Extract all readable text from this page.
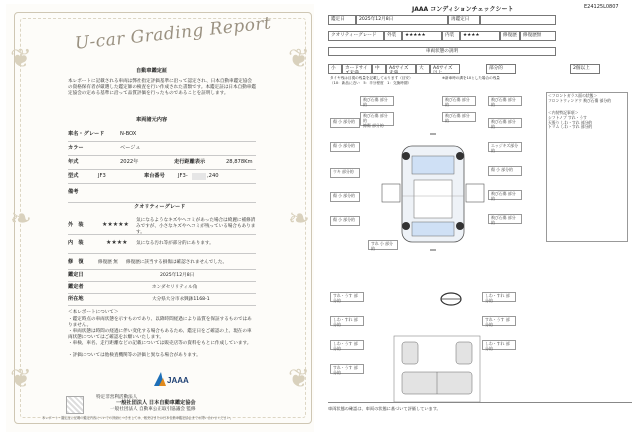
❦	❦
❧	❧
❦	❦
U-car Grading Report
自動車鑑定証
本レポートに記載される車両は弊社指定評価基準に沿って認定され、日本自動車鑑定協会の資格保有者が厳選した鑑定師の検査を行い作成された書類です。本鑑定証は日本自動車鑑定協会の定める基準に沿って品質評価を行ったものであることを証明します。
車両諸元内容
車名・グレード	N-BOX
カラー	ベージュ
年式	2022年	走行距離表示	28,878Km
型式	JF3	車台番号	JF3-	,240
備考
クオリティーグレード
外　装	★★★★★
気になるようなキズやヘコミがあった場合は綺麗に補修済みですが、小さなキズやヘコミが残っている場合もあります。
内　装	★★★★ 気になる汚れ等が部分的にあります。
修　復	修復歴 無 修復歴に該当する損傷は確認されませんでした。
鑑定日	2025年12月8日
鑑定者	ホンダセリリティル角
所在地	大分県大分市永興鉢1168-1
＜本レポートについて＞
・鑑定時点の車両状態を示すものであり、以降時間経過により品質を保証するものではありません。
・車両状態は時間の経過に伴い変化する場合もあるため、鑑定日をご確認の上、現在の車両状態についてはご確認をお願いいたします。
・車検、車名、走行距離などの記載については販売店等の資料をもとに作成しています。
・評価については他検査機関等の評価と異なる場合があります。
JAAA
特定非営利活動法人
一般社団法人 日本自動車鑑定協会
一般社団法人 自動車公正取引協議会 監修
本レポート・鑑定証に記載の鑑定内容についての詳細につきましては、販売店または日本自動車鑑定協会までお問い合わせください。
E24125L0807
JAAA コンディションチェックシート
鑑定日	2025年12月8日	再鑑定日
クオリティーグレード	外装	★★★★★	内装	★★★★	修復歴	修復歴無
車両状態の説明
小	カードサイズ未満
中	A4サイズ未満
大	A4サイズ以上
部分的	2個以上
タイヤ残は目視の残量を記載しております（目安）	※新車時の溝を10とした場合の残量
（10：新品に近い　5：半分程度　1：交換時期）
飛び石傷 部分的
飛び石傷 部分的
飛び石傷 部分的
飛び石傷 部分的
擦傷 部分的
飛び石傷 部分的
傷 小 部分的	飛び石傷 部分的
傷 小 部分的	エッジキズ部分的
ウキ 部分的	傷 小 部分的
傷 小 部分的	飛び石傷 部分的
傷 小 部分的	飛び石傷 部分的
すれ 小 部分的
すれ・うす 部分的
しわ・すれ 部分的
しわ・すれ 部分的
すれ・うす 部分的
しわ・うす 部分的
しわ・すれ 部分的
すれ・うす 部分的
＜フロントガラス面の状態＞
フロントウィンドウ 飛び石傷 部分的
＜内装特記事項＞
シフトノブ すれ・うす
天張り しわ・すれ 部分的
トリム しわ・すれ 部分的
車両状態の確認は、車両の状態に基づいて評価しています。
